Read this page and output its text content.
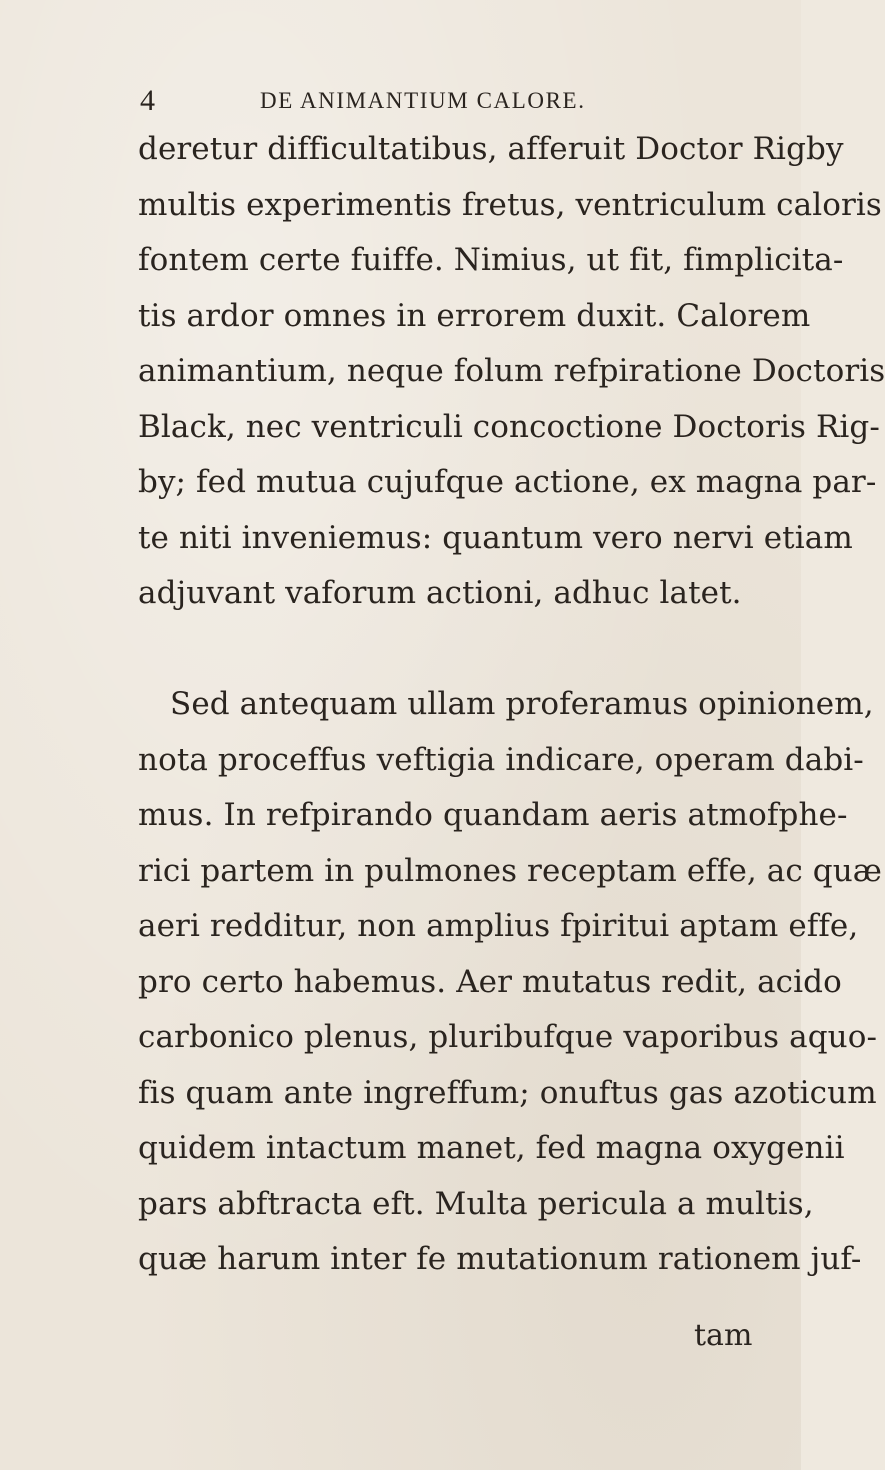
4	DE ANIMANTIUM CALORE.
deretur difficultatibus, afferuit Doctor Rigby
multis experimentis fretus, ventriculum caloris
fontem certe fuiffe. Nimius, ut fit, fimplicita-
tis ardor omnes in errorem duxit. Calorem
animantium, neque folum refpiratione Doctoris
Black, nec ventriculi concoctione Doctoris Rig-
by; fed mutua cujufque actione, ex magna par-
te niti inveniemus: quantum vero nervi etiam
adjuvant vaforum actioni, adhuc latet.
Sed antequam ullam proferamus opinionem,
nota proceffus veftigia indicare, operam dabi-
mus. In refpirando quandam aeris atmofphe-
rici partem in pulmones receptam effe, ac quæ
aeri redditur, non amplius fpiritui aptam effe,
pro certo habemus. Aer mutatus redit, acido
carbonico plenus, pluribufque vaporibus aquo-
fis quam ante ingreffum; onuftus gas azoticum
quidem intactum manet, fed magna oxygenii
pars abftracta eft. Multa pericula a multis,
quæ harum inter fe mutationum rationem juf-
tam
